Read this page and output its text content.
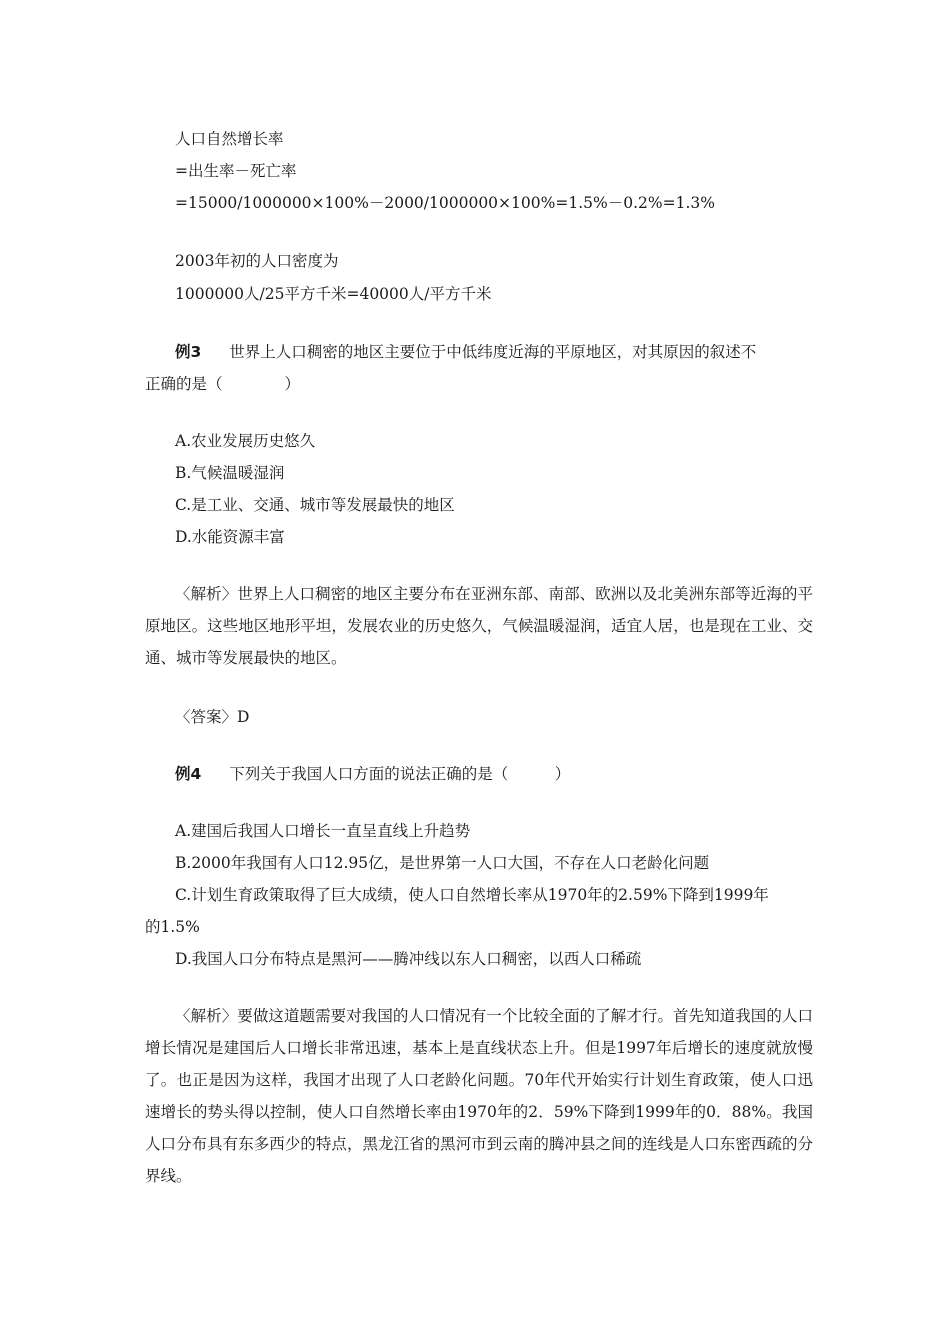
人口自然增长率
=出生率－死亡率
=15000/1000000×100%－2000/1000000×100%=1.5%－0.2%=1.3%
2003年初的人口密度为
1000000人/25平方千米=40000人/平方千米
例3 世界上人口稠密的地区主要位于中低纬度近海的平原地区，对其原因的叙述不
正确的是（　　　　）
A.农业发展历史悠久
B.气候温暖湿润
C.是工业、交通、城市等发展最快的地区
D.水能资源丰富
〈解析〉世界上人口稠密的地区主要分布在亚洲东部、南部、欧洲以及北美洲东部等近海的平原地区。这些地区地形平坦，发展农业的历史悠久，气候温暖湿润，适宜人居，也是现在工业、交通、城市等发展最快的地区。
〈答案〉D
例4 下列关于我国人口方面的说法正确的是（　　　）
A.建国后我国人口增长一直呈直线上升趋势
B.2000年我国有人口12.95亿，是世界第一人口大国，不存在人口老龄化问题
C.计划生育政策取得了巨大成绩，使人口自然增长率从1970年的2.59%下降到1999年
的1.5%
D.我国人口分布特点是黑河——腾冲线以东人口稠密，以西人口稀疏
〈解析〉要做这道题需要对我国的人口情况有一个比较全面的了解才行。首先知道我国的人口增长情况是建国后人口增长非常迅速，基本上是直线状态上升。但是1997年后增长的速度就放慢了。也正是因为这样，我国才出现了人口老龄化问题。70年代开始实行计划生育政策，使人口迅速增长的势头得以控制，使人口自然增长率由1970年的2．59%下降到1999年的0．88%。我国人口分布具有东多西少的特点，黑龙江省的黑河市到云南的腾冲县之间的连线是人口东密西疏的分界线。
